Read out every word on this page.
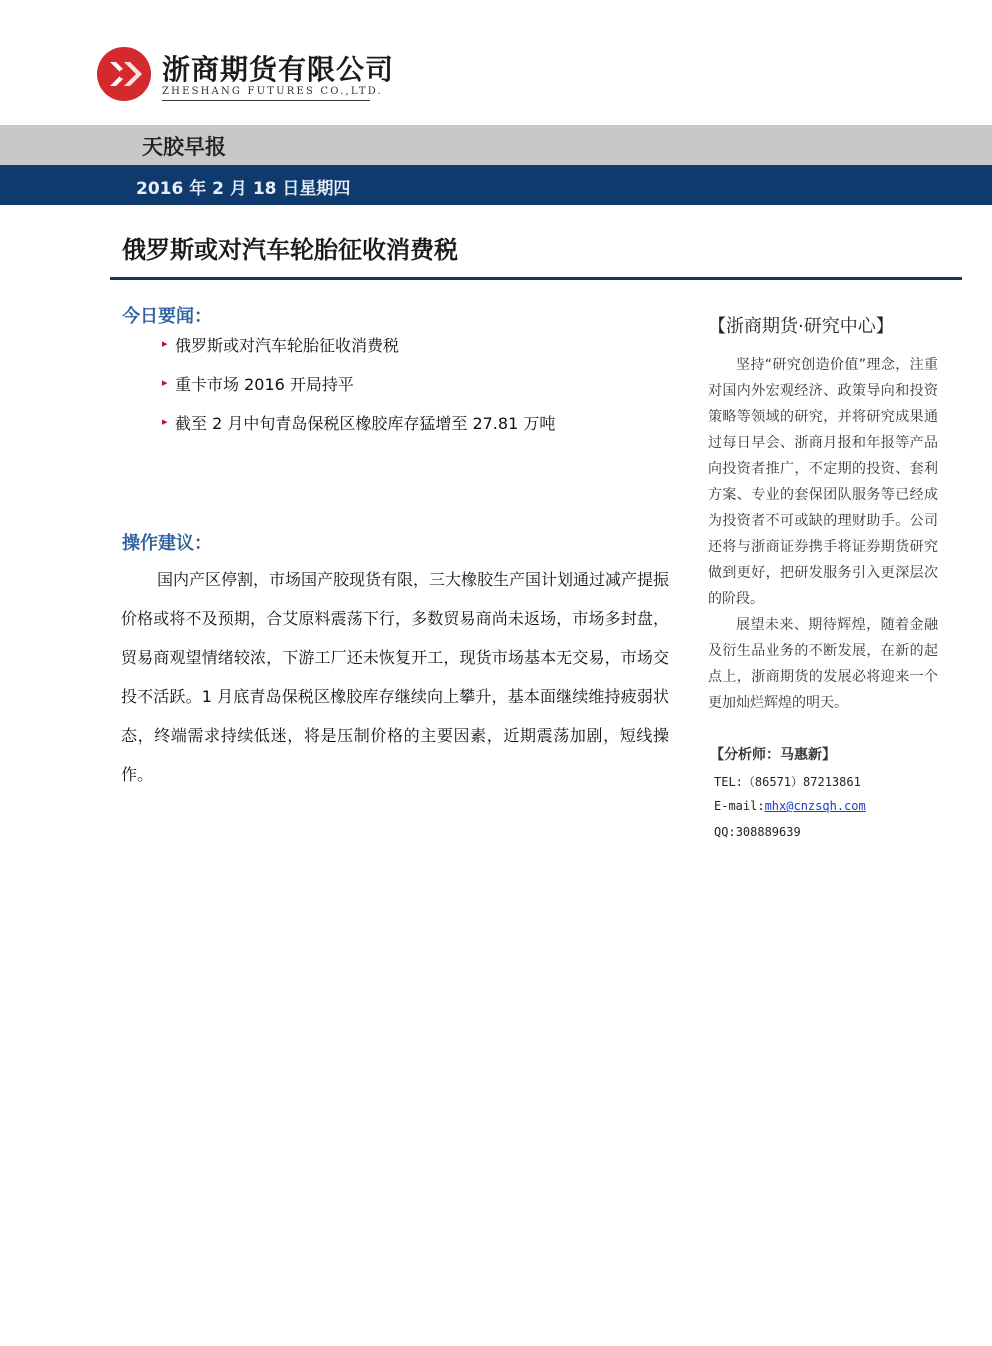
浙商期货有限公司
ZHESHANG FUTURES CO.,LTD.
天胶早报
2016 年 2 月 18 日星期四
俄罗斯或对汽车轮胎征收消费税
今日要闻：
▸ 俄罗斯或对汽车轮胎征收消费税
▸ 重卡市场 2016 开局持平
▸ 截至 2 月中旬青岛保税区橡胶库存猛增至 27.81 万吨
操作建议：

国内产区停割，市场国产胶现货有限，三大橡胶生产国计划通过减产提振价格或将不及预期，合艾原料震荡下行，多数贸易商尚未返场，市场多封盘，贸易商观望情绪较浓，下游工厂还未恢复开工，现货市场基本无交易，市场交投不活跃。1 月底青岛保税区橡胶库存继续向上攀升，基本面继续维持疲弱状态，终端需求持续低迷，将是压制价格的主要因素，近期震荡加剧，短线操作。

【浙商期货·研究中心】

坚持“研究创造价值”理念，注重对国内外宏观经济、政策导向和投资策略等领域的研究，并将研究成果通过每日早会、浙商月报和年报等产品向投资者推广，不定期的投资、套利方案、专业的套保团队服务等已经成为投资者不可或缺的理财助手。公司还将与浙商证券携手将证券期货研究做到更好，把研发服务引入更深层次的阶段。

展望未来、期待辉煌，随着金融及衍生品业务的不断发展，在新的起点上，浙商期货的发展必将迎来一个更加灿烂辉煌的明天。

【分析师：马惠新】
TEL:（86571）87213861
E-mail:mhx@cnzsqh.com
QQ:308889639
